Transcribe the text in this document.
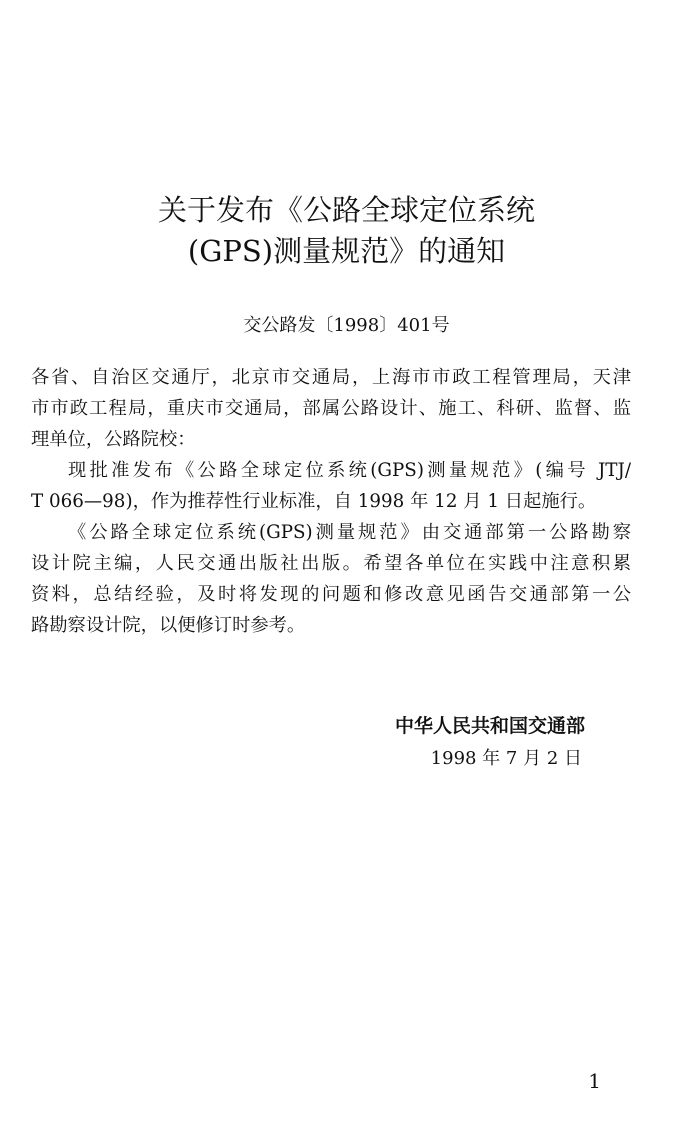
关于发布《公路全球定位系统
(GPS)测量规范》的通知
交公路发〔1998〕401号

各省、自治区交通厅，北京市交通局，上海市市政工程管理局，天津
市市政工程局，重庆市交通局，部属公路设计、施工、科研、监督、监
理单位，公路院校：

现批准发布《公路全球定位系统(GPS)测量规范》(编号 JTJ/
T 066—98)，作为推荐性行业标准，自 1998 年 12 月 1 日起施行。

《公路全球定位系统(GPS)测量规范》由交通部第一公路勘察
设计院主编，人民交通出版社出版。希望各单位在实践中注意积累
资料，总结经验，及时将发现的问题和修改意见函告交通部第一公
路勘察设计院，以便修订时参考。

中华人民共和国交通部
1998 年 7 月 2 日
1
